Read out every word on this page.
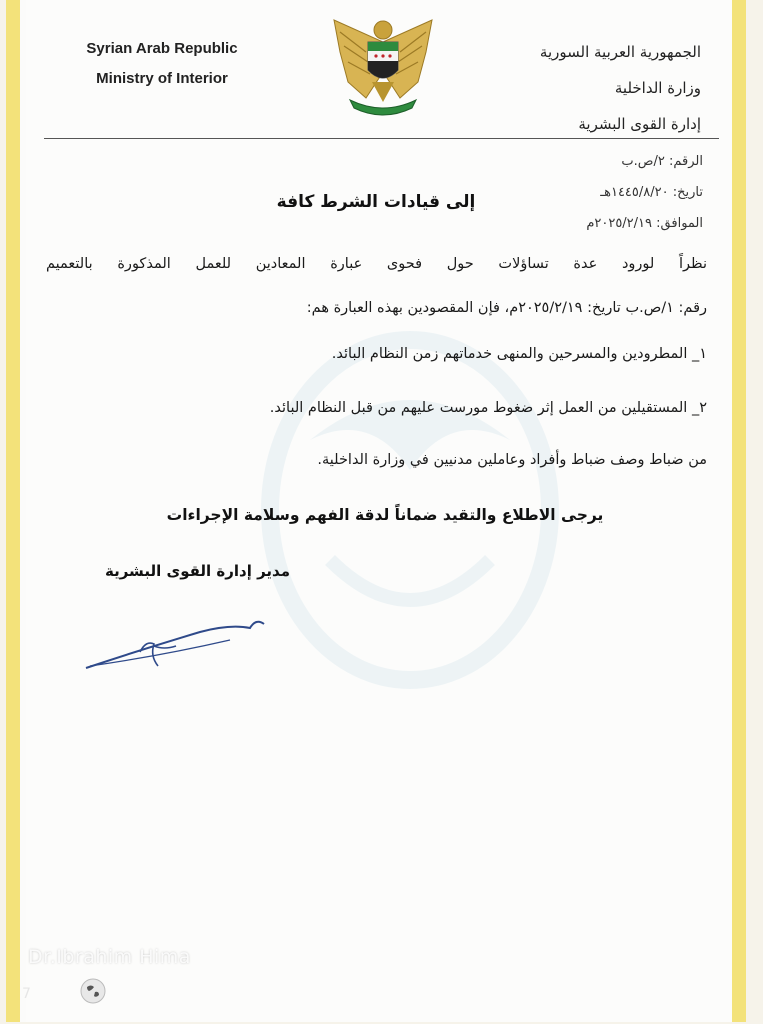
Syrian Arab Republic
Ministry of Interior
الجمهورية العربية السورية
وزارة الداخلية
إدارة القوى البشرية
الرقم: ٢/ص.ب
تاريخ: ١٤٤٥/٨/٢٠هـ
الموافق: ٢٠٢٥/٢/١٩م
إلى قيادات الشرط كافة
نظراً لورود عدة تساؤلات حول فحوى عبارة المعادين للعمل المذكورة بالتعميم
رقم: ١/ص.ب تاريخ: ٢٠٢٥/٢/١٩م، فإن المقصودين بهذه العبارة هم:
١_ المطرودين والمسرحين والمنهى خدماتهم زمن النظام البائد.
٢_ المستقيلين من العمل إثر ضغوط مورست عليهم من قبل النظام البائد.
من ضباط وصف ضباط وأفراد وعاملين مدنيين في وزارة الداخلية.
يرجى الاطلاع والتقيد ضماناً لدقة الفهم وسلامة الإجراءات
مدير إدارة القوى البشرية
Dr.Ibrahim Hima
7
